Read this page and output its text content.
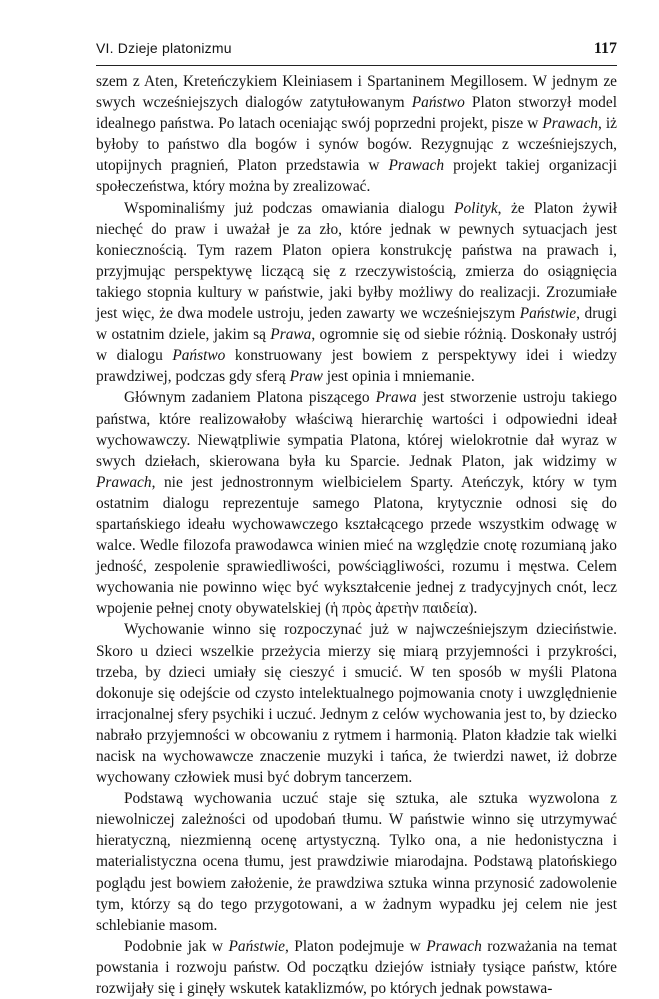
VI. Dzieje platonizmu	117

szem z Aten, Kreteńczykiem Kleiniasem i Spartaninem Megillosem. W jednym ze swych wcześniejszych dialogów zatytułowanym Państwo Platon stworzył model idealnego państwa. Po latach oceniając swój poprzedni projekt, pisze w Prawach, iż byłoby to państwo dla bogów i synów bogów. Rezygnując z wcześniejszych, utopijnych pragnień, Platon przedstawia w Prawach projekt takiej organizacji społeczeństwa, który można by zrealizować.

Wspominaliśmy już podczas omawiania dialogu Polityk, że Platon żywił niechęć do praw i uważał je za zło, które jednak w pewnych sytuacjach jest koniecznością. Tym razem Platon opiera konstrukcję państwa na prawach i, przyjmując perspektywę liczącą się z rzeczywistością, zmierza do osiągnięcia takiego stopnia kultury w państwie, jaki byłby możliwy do realizacji. Zrozumiałe jest więc, że dwa modele ustroju, jeden zawarty we wcześniejszym Państwie, drugi w ostatnim dziele, jakim są Prawa, ogromnie się od siebie różnią. Doskonały ustrój w dialogu Państwo konstruowany jest bowiem z perspektywy idei i wiedzy prawdziwej, podczas gdy sferą Praw jest opinia i mniemanie.

Głównym zadaniem Platona piszącego Prawa jest stworzenie ustroju takiego państwa, które realizowałoby właściwą hierarchię wartości i odpowiedni ideał wychowawczy. Niewątpliwie sympatia Platona, której wielokrotnie dał wyraz w swych dziełach, skierowana była ku Sparcie. Jednak Platon, jak widzimy w Prawach, nie jest jednostronnym wielbicielem Sparty. Ateńczyk, który w tym ostatnim dialogu reprezentuje samego Platona, krytycznie odnosi się do spartańskiego ideału wychowawczego kształcącego przede wszystkim odwagę w walce. Wedle filozofa prawodawca winien mieć na względzie cnotę rozumianą jako jedność, zespolenie sprawiedliwości, powściągliwości, rozumu i męstwa. Celem wychowania nie powinno więc być wykształcenie jednej z tradycyjnych cnót, lecz wpojenie pełnej cnoty obywatelskiej (ἡ πρὸς ἀρετὴν παιδεία).

Wychowanie winno się rozpoczynać już w najwcześniejszym dzieciństwie. Skoro u dzieci wszelkie przeżycia mierzy się miarą przyjemności i przykrości, trzeba, by dzieci umiały się cieszyć i smucić. W ten sposób w myśli Platona dokonuje się odejście od czysto intelektualnego pojmowania cnoty i uwzględnienie irracjonalnej sfery psychiki i uczuć. Jednym z celów wychowania jest to, by dziecko nabrało przyjemności w obcowaniu z rytmem i harmonią. Platon kładzie tak wielki nacisk na wychowawcze znaczenie muzyki i tańca, że twierdzi nawet, iż dobrze wychowany człowiek musi być dobrym tancerzem.

Podstawą wychowania uczuć staje się sztuka, ale sztuka wyzwolona z niewolniczej zależności od upodobań tłumu. W państwie winno się utrzymywać hieratyczną, niezmienną ocenę artystyczną. Tylko ona, a nie hedonistyczna i materialistyczna ocena tłumu, jest prawdziwie miarodajna. Podstawą platońskiego poglądu jest bowiem założenie, że prawdziwa sztuka winna przynosić zadowolenie tym, którzy są do tego przygotowani, a w żadnym wypadku jej celem nie jest schlebianie masom.

Podobnie jak w Państwie, Platon podejmuje w Prawach rozważania na temat powstania i rozwoju państw. Od początku dziejów istniały tysiące państw, które rozwijały się i ginęły wskutek kataklizmów, po których jednak powstawa-
